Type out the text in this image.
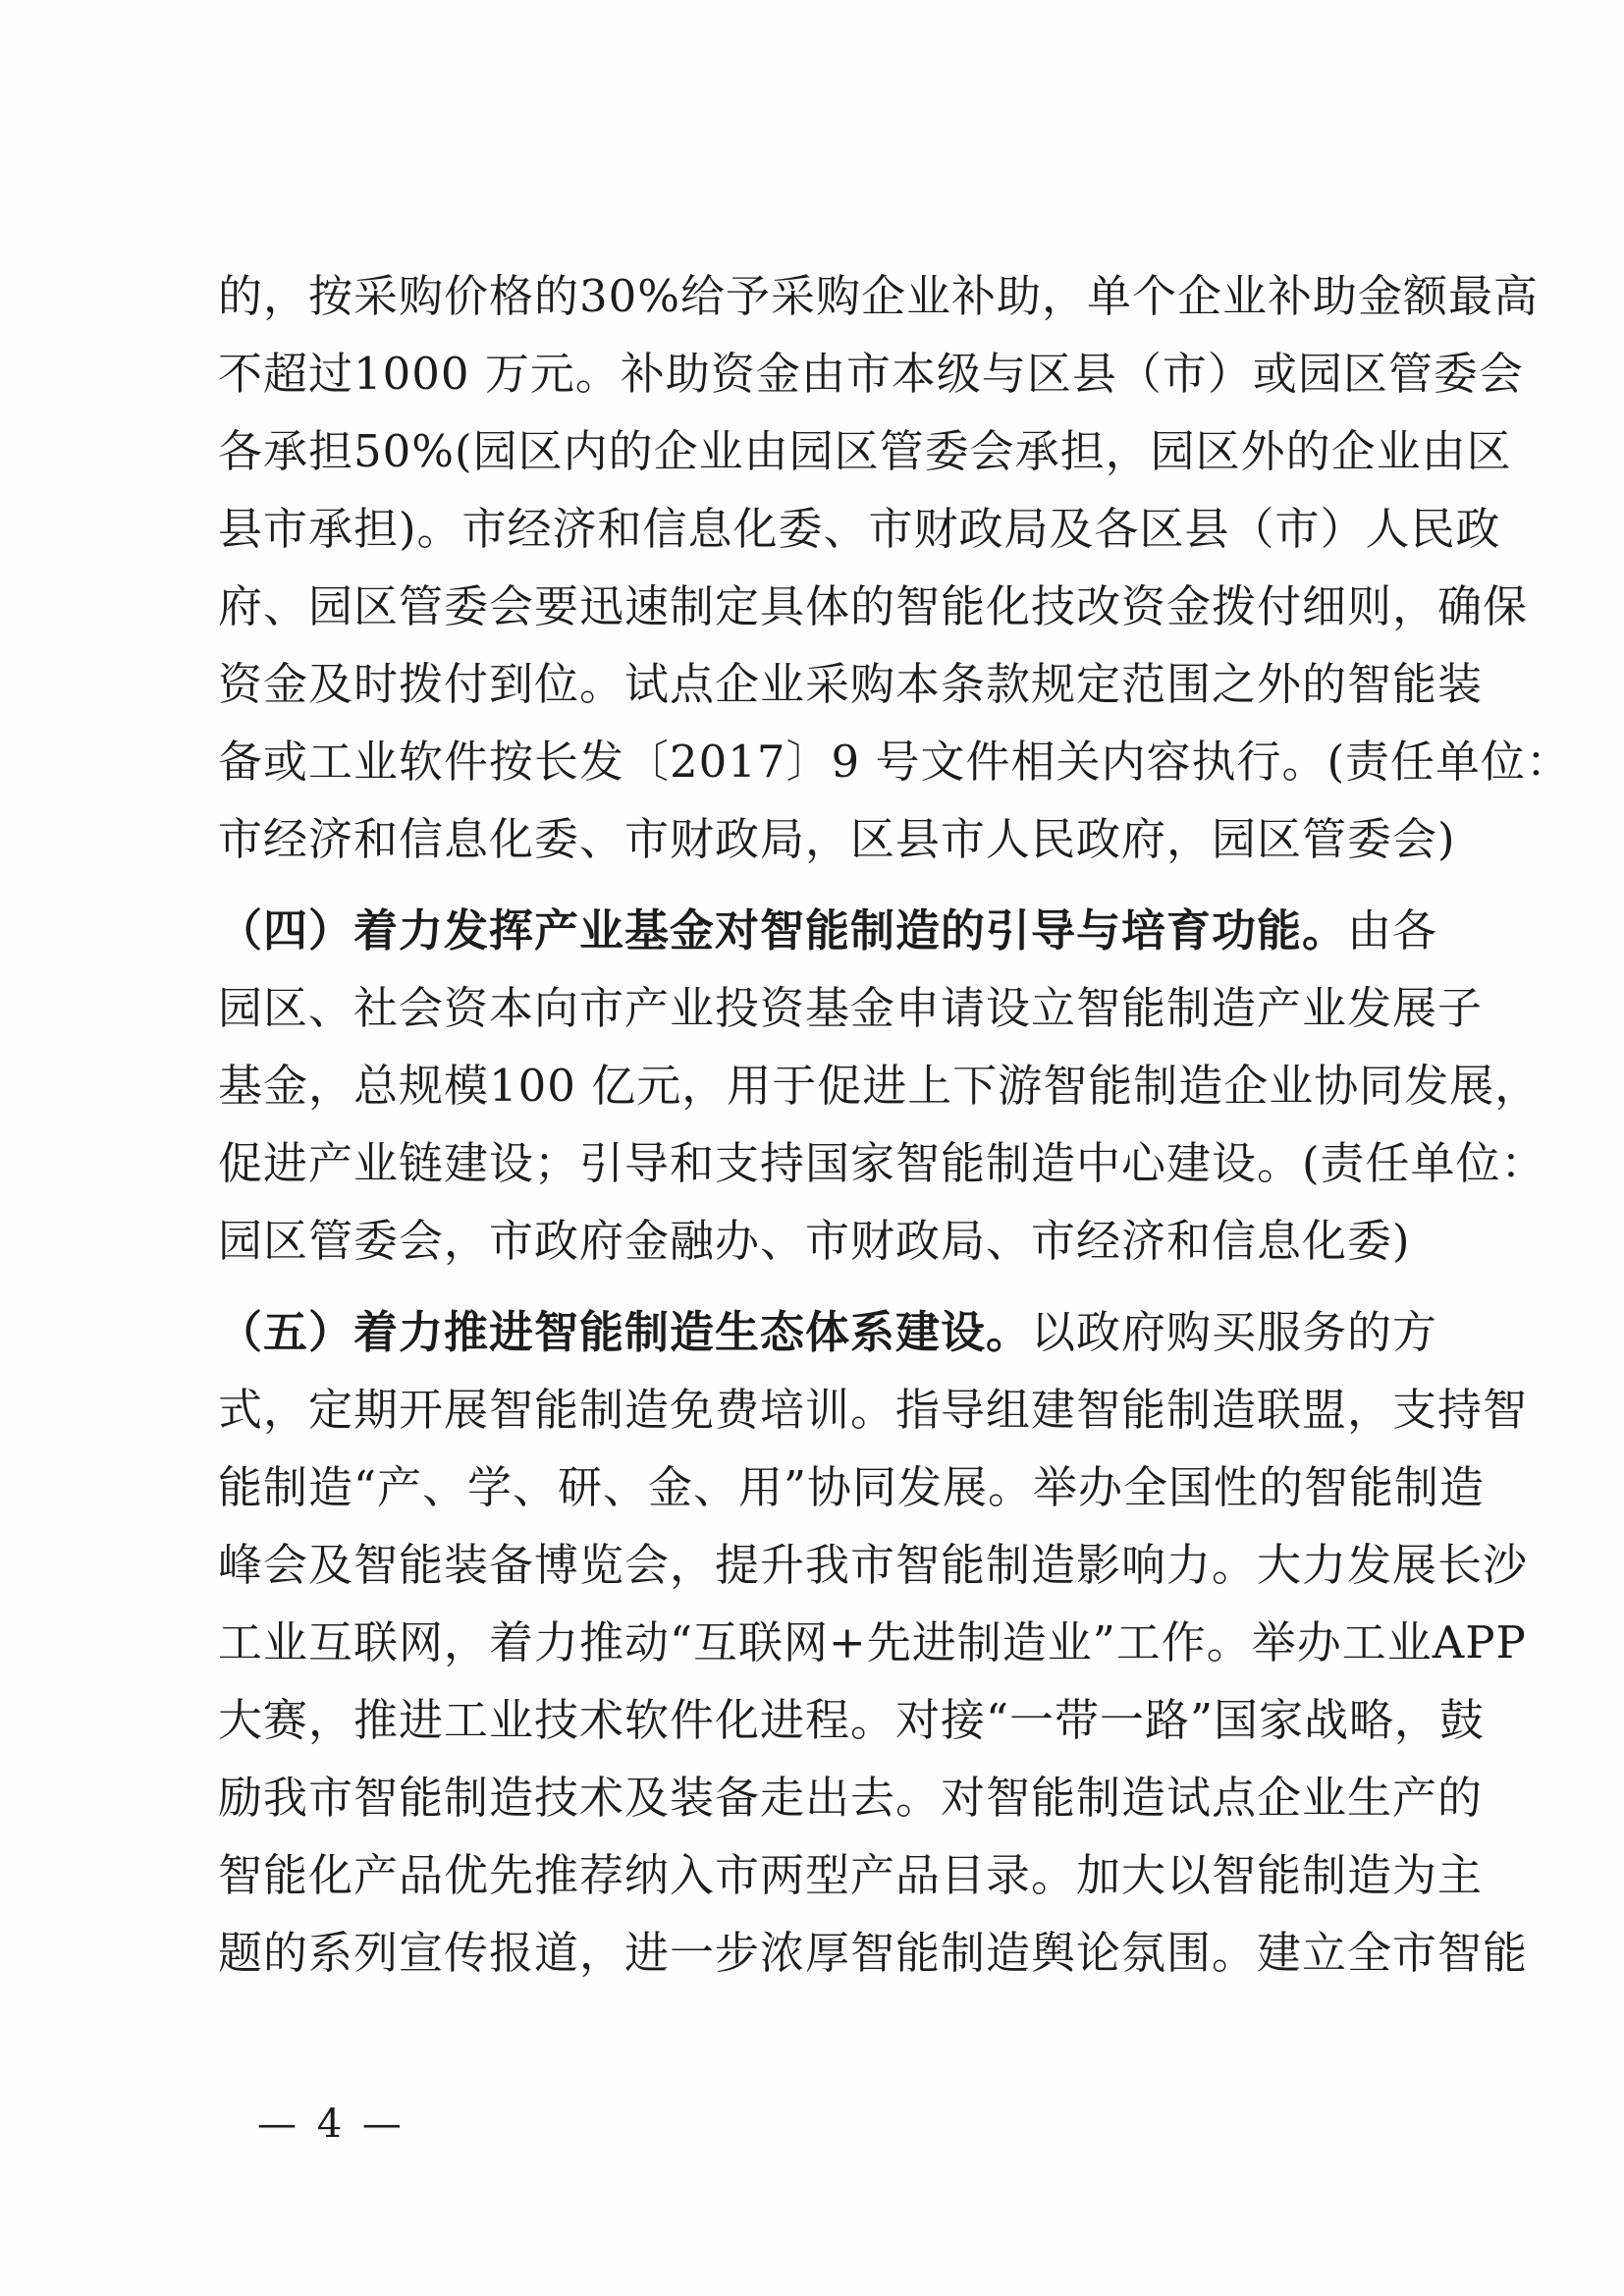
的，按采购价格的30%给予采购企业补助，单个企业补助金额最高
不超过1000 万元。补助资金由市本级与区县（市）或园区管委会
各承担50%(园区内的企业由园区管委会承担，园区外的企业由区
县市承担)。市经济和信息化委、市财政局及各区县（市）人民政
府、园区管委会要迅速制定具体的智能化技改资金拨付细则，确保
资金及时拨付到位。试点企业采购本条款规定范围之外的智能装
备或工业软件按长发〔2017〕9 号文件相关内容执行。(责任单位：
市经济和信息化委、市财政局，区县市人民政府，园区管委会)
（四）着力发挥产业基金对智能制造的引导与培育功能。由各
园区、社会资本向市产业投资基金申请设立智能制造产业发展子
基金，总规模100 亿元，用于促进上下游智能制造企业协同发展，
促进产业链建设；引导和支持国家智能制造中心建设。(责任单位：
园区管委会，市政府金融办、市财政局、市经济和信息化委)
（五）着力推进智能制造生态体系建设。以政府购买服务的方
式，定期开展智能制造免费培训。指导组建智能制造联盟，支持智
能制造“产、学、研、金、用”协同发展。举办全国性的智能制造
峰会及智能装备博览会，提升我市智能制造影响力。大力发展长沙
工业互联网，着力推动“互联网+先进制造业”工作。举办工业APP
大赛，推进工业技术软件化进程。对接“一带一路”国家战略，鼓
励我市智能制造技术及装备走出去。对智能制造试点企业生产的
智能化产品优先推荐纳入市两型产品目录。加大以智能制造为主
题的系列宣传报道，进一步浓厚智能制造舆论氛围。建立全市智能
— 4 —
